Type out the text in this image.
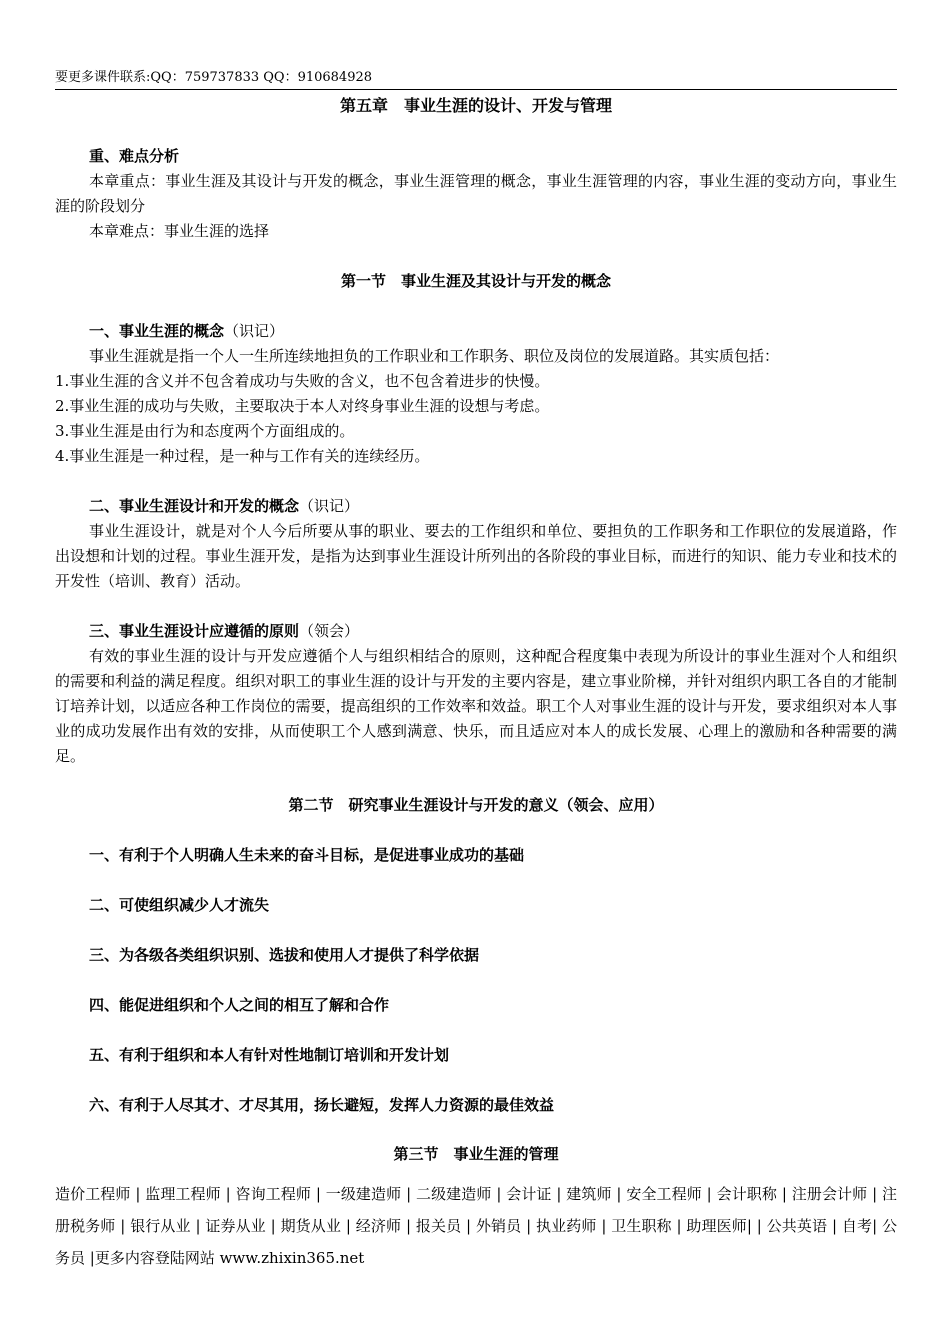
要更多课件联系:QQ：759737833 QQ：910684928

第五章　事业生涯的设计、开发与管理

重、难点分析

本章重点：事业生涯及其设计与开发的概念，事业生涯管理的概念，事业生涯管理的内容，事业生涯的变动方向，事业生涯的阶段划分

本章难点：事业生涯的选择

第一节　事业生涯及其设计与开发的概念

一、事业生涯的概念（识记）

事业生涯就是指一个人一生所连续地担负的工作职业和工作职务、职位及岗位的发展道路。其实质包括：

1.事业生涯的含义并不包含着成功与失败的含义，也不包含着进步的快慢。

2.事业生涯的成功与失败，主要取决于本人对终身事业生涯的设想与考虑。

3.事业生涯是由行为和态度两个方面组成的。

4.事业生涯是一种过程，是一种与工作有关的连续经历。

二、事业生涯设计和开发的概念（识记）

事业生涯设计，就是对个人今后所要从事的职业、要去的工作组织和单位、要担负的工作职务和工作职位的发展道路，作出设想和计划的过程。事业生涯开发，是指为达到事业生涯设计所列出的各阶段的事业目标，而进行的知识、能力专业和技术的开发性（培训、教育）活动。

三、事业生涯设计应遵循的原则（领会）

有效的事业生涯的设计与开发应遵循个人与组织相结合的原则，这种配合程度集中表现为所设计的事业生涯对个人和组织的需要和利益的满足程度。组织对职工的事业生涯的设计与开发的主要内容是，建立事业阶梯，并针对组织内职工各自的才能制订培养计划，以适应各种工作岗位的需要，提高组织的工作效率和效益。职工个人对事业生涯的设计与开发，要求组织对本人事业的成功发展作出有效的安排，从而使职工个人感到满意、快乐，而且适应对本人的成长发展、心理上的激励和各种需要的满足。

第二节　研究事业生涯设计与开发的意义（领会、应用）

一、有利于个人明确人生未来的奋斗目标，是促进事业成功的基础

二、可使组织减少人才流失

三、为各级各类组织识别、选拔和使用人才提供了科学依据

四、能促进组织和个人之间的相互了解和合作

五、有利于组织和本人有针对性地制订培训和开发计划

六、有利于人尽其才、才尽其用，扬长避短，发挥人力资源的最佳效益

第三节　事业生涯的管理

造价工程师 | 监理工程师 | 咨询工程师 | 一级建造师 | 二级建造师 | 会计证 | 建筑师 | 安全工程师 | 会计职称 | 注册会计师 | 注册税务师 | 银行从业 | 证券从业 | 期货从业 | 经济师 | 报关员 | 外销员 | 执业药师 | 卫生职称 | 助理医师| | 公共英语 | 自考| 公务员 |更多内容登陆网站 www.zhixin365.net
